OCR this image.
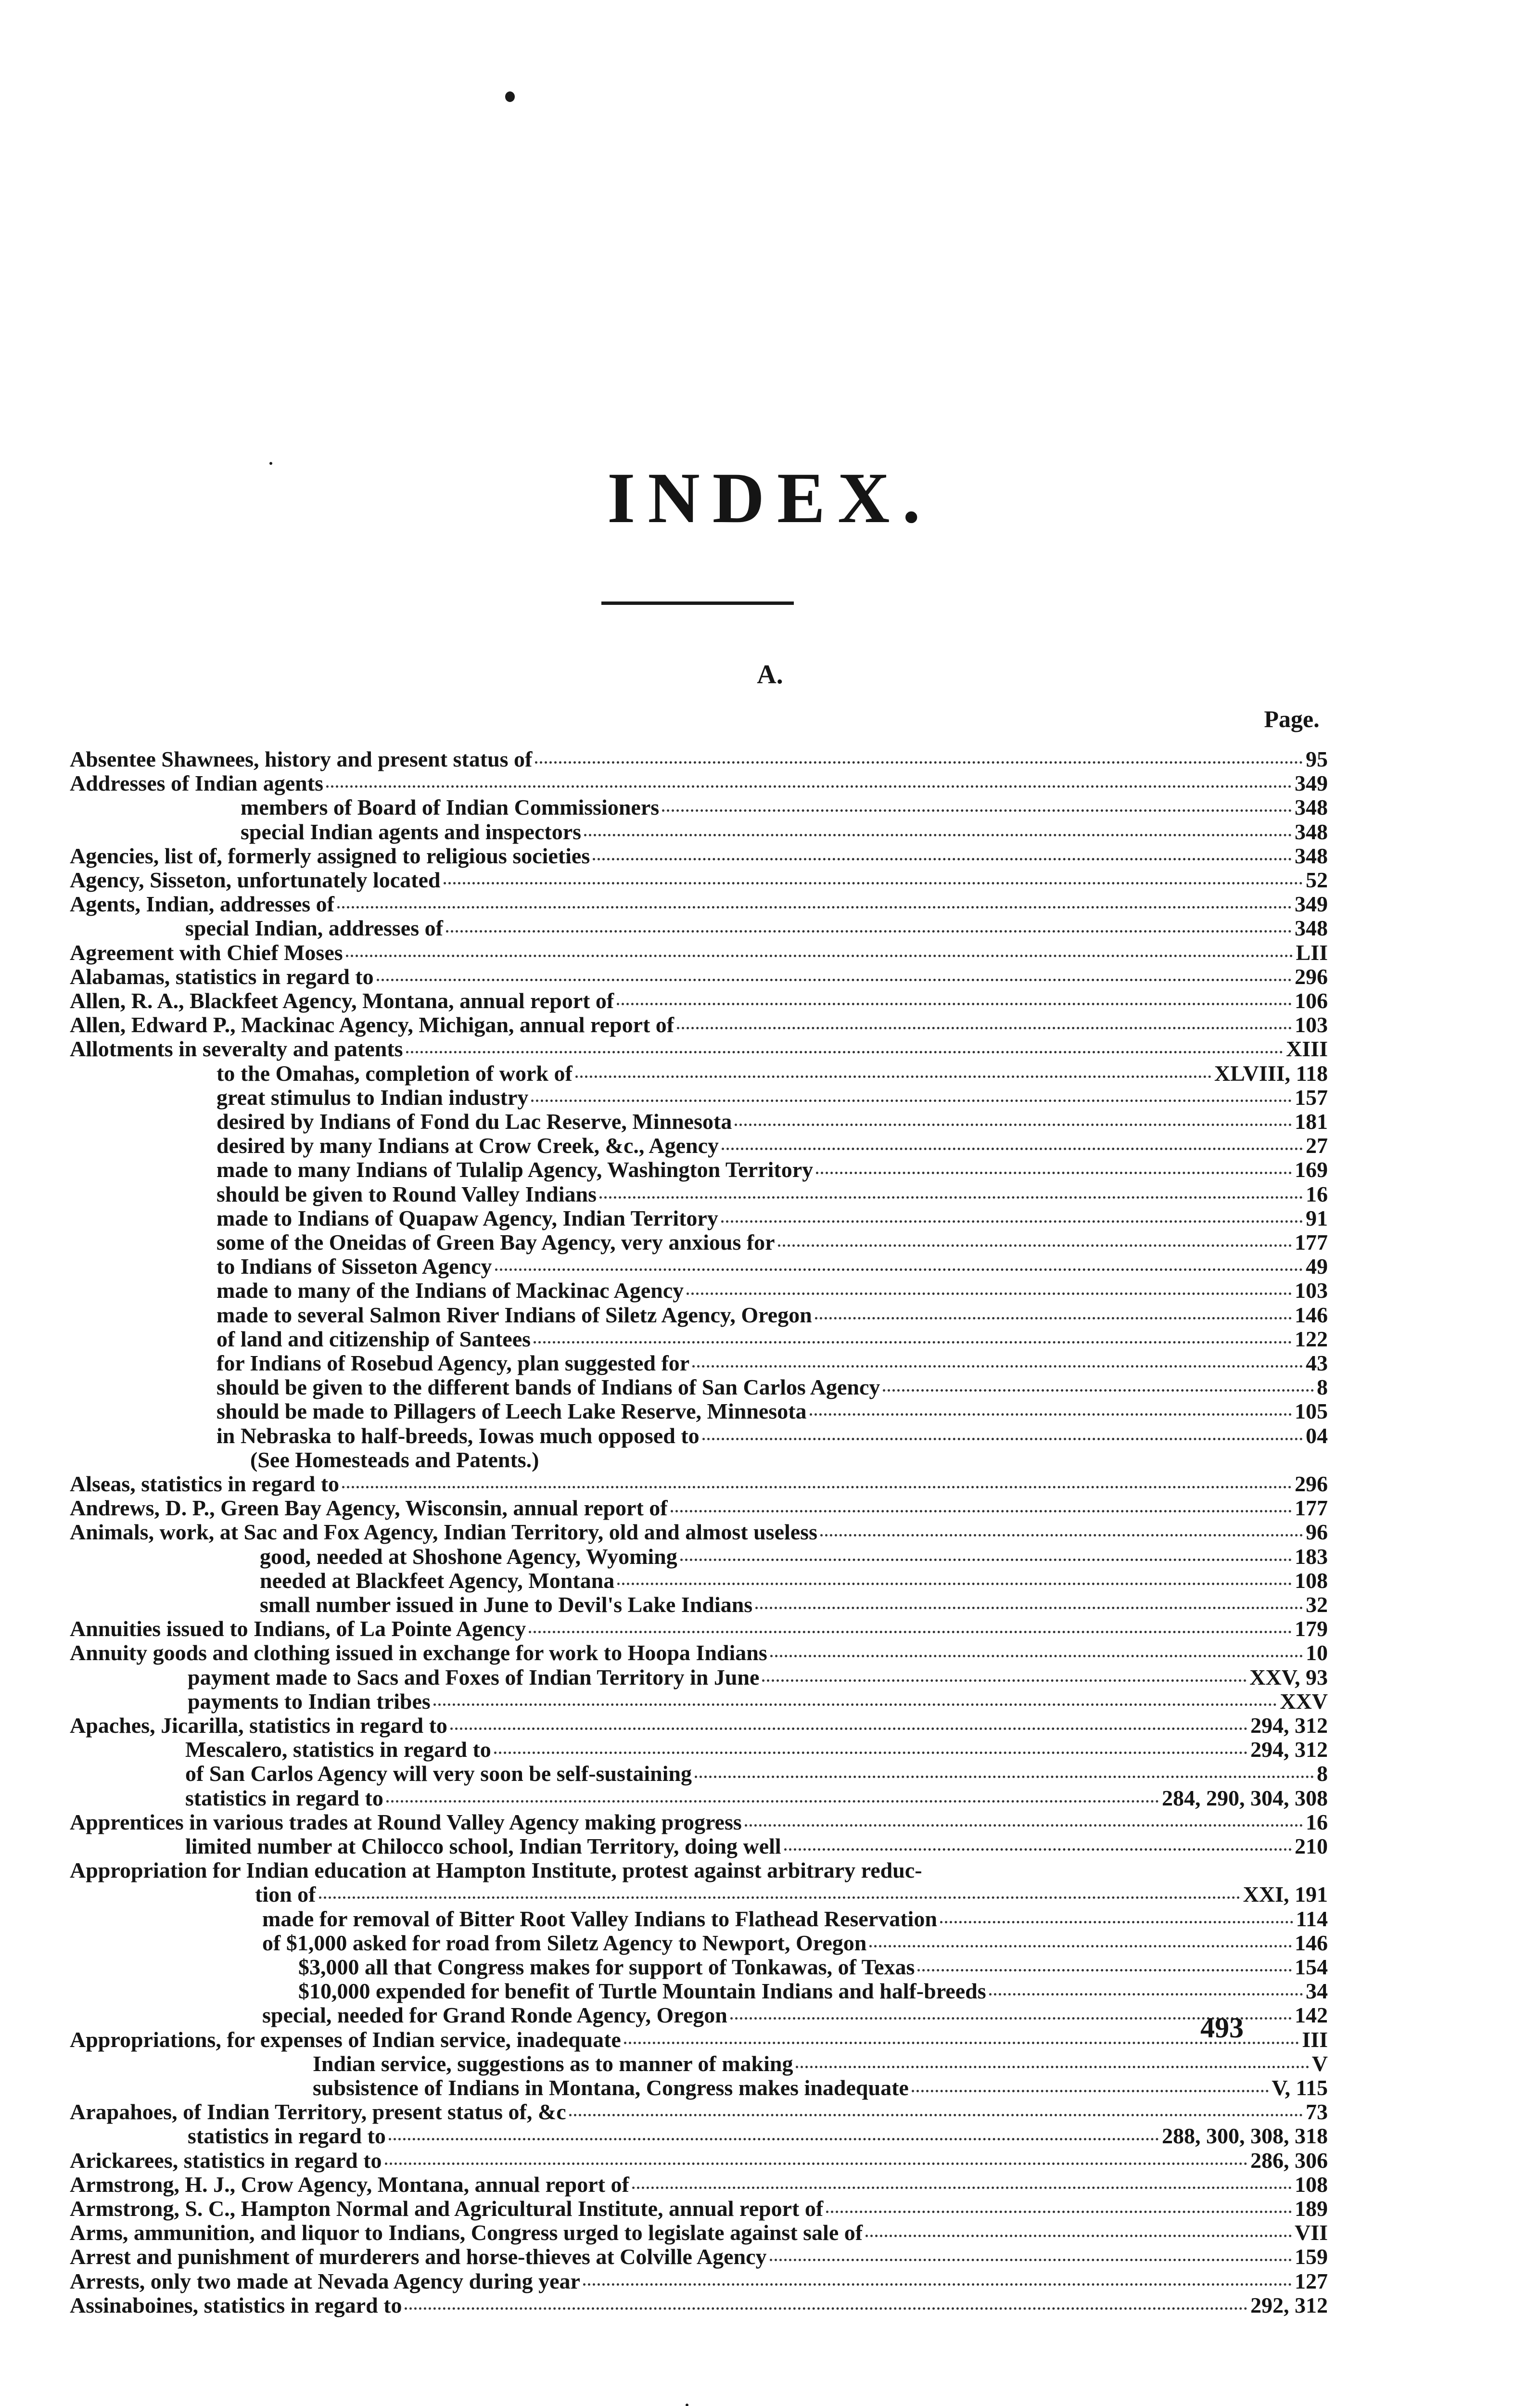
INDEX.
A.
Page.
Absentee Shawnees, history and present status of	95
Addresses of Indian agents	349
members of Board of Indian Commissioners	348
special Indian agents and inspectors	348
Agencies, list of, formerly assigned to religious societies	348
Agency, Sisseton, unfortunately located	52
Agents, Indian, addresses of	349
special Indian, addresses of	348
Agreement with Chief Moses	LII
Alabamas, statistics in regard to	296
Allen, R. A., Blackfeet Agency, Montana, annual report of	106
Allen, Edward P., Mackinac Agency, Michigan, annual report of	103
Allotments in severalty and patents	XIII
to the Omahas, completion of work of	XLVIII, 118
great stimulus to Indian industry	157
desired by Indians of Fond du Lac Reserve, Minnesota	181
desired by many Indians at Crow Creek, &c., Agency	27
made to many Indians of Tulalip Agency, Washington Territory	169
should be given to Round Valley Indians	16
made to Indians of Quapaw Agency, Indian Territory	91
some of the Oneidas of Green Bay Agency, very anxious for	177
to Indians of Sisseton Agency	49
made to many of the Indians of Mackinac Agency	103
made to several Salmon River Indians of Siletz Agency, Oregon	146
of land and citizenship of Santees	122
for Indians of Rosebud Agency, plan suggested for	43
should be given to the different bands of Indians of San Carlos Agency	8
should be made to Pillagers of Leech Lake Reserve, Minnesota	105
in Nebraska to half-breeds, Iowas much opposed to	04
(See Homesteads and Patents.)
Alseas, statistics in regard to	296
Andrews, D. P., Green Bay Agency, Wisconsin, annual report of	177
Animals, work, at Sac and Fox Agency, Indian Territory, old and almost useless	96
good, needed at Shoshone Agency, Wyoming	183
needed at Blackfeet Agency, Montana	108
small number issued in June to Devil's Lake Indians	32
Annuities issued to Indians, of La Pointe Agency	179
Annuity goods and clothing issued in exchange for work to Hoopa Indians	10
payment made to Sacs and Foxes of Indian Territory in June	XXV, 93
payments to Indian tribes	XXV
Apaches, Jicarilla, statistics in regard to	294, 312
Mescalero, statistics in regard to	294, 312
of San Carlos Agency will very soon be self-sustaining	8
statistics in regard to	284, 290, 304, 308
Apprentices in various trades at Round Valley Agency making progress	16
limited number at Chilocco school, Indian Territory, doing well	210
Appropriation for Indian education at Hampton Institute, protest against arbitrary reduc-
tion of	XXI, 191
made for removal of Bitter Root Valley Indians to Flathead Reservation	114
of $1,000 asked for road from Siletz Agency to Newport, Oregon	146
$3,000 all that Congress makes for support of Tonkawas, of Texas	154
$10,000 expended for benefit of Turtle Mountain Indians and half-breeds	34
special, needed for Grand Ronde Agency, Oregon	142
Appropriations, for expenses of Indian service, inadequate	III
Indian service, suggestions as to manner of making	V
subsistence of Indians in Montana, Congress makes inadequate	V, 115
Arapahoes, of Indian Territory, present status of, &c	73
statistics in regard to	288, 300, 308, 318
Arickarees, statistics in regard to	286, 306
Armstrong, H. J., Crow Agency, Montana, annual report of	108
Armstrong, S. C., Hampton Normal and Agricultural Institute, annual report of	189
Arms, ammunition, and liquor to Indians, Congress urged to legislate against sale of	VII
Arrest and punishment of murderers and horse-thieves at Colville Agency	159
Arrests, only two made at Nevada Agency during year	127
Assinaboines, statistics in regard to	292, 312
493
